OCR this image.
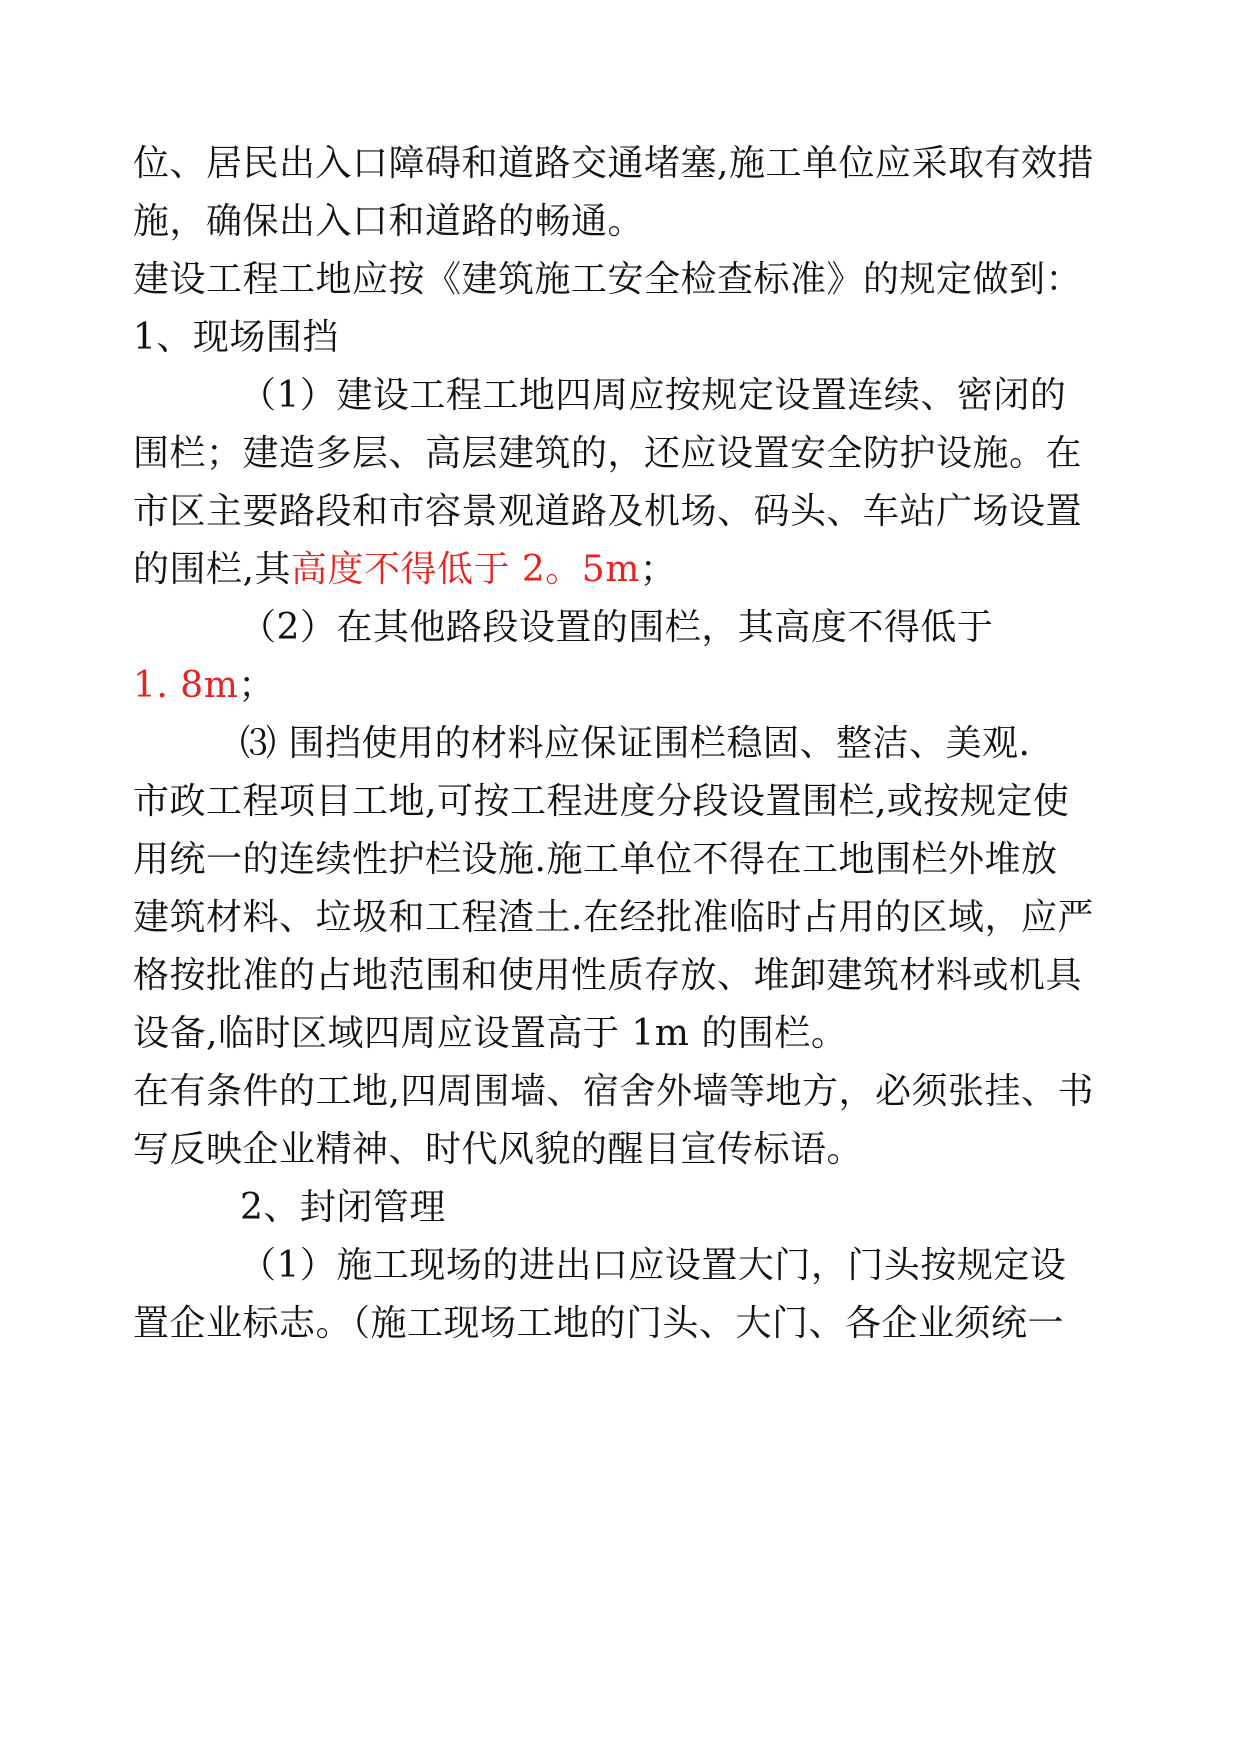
位、居民出入口障碍和道路交通堵塞,施工单位应采取有效措
施，确保出入口和道路的畅通。
建设工程工地应按《建筑施工安全检查标准》的规定做到：
1、现场围挡
（1）建设工程工地四周应按规定设置连续、密闭的
围栏；建造多层、高层建筑的，还应设置安全防护设施。在
市区主要路段和市容景观道路及机场、码头、车站广场设置
的围栏,其高度不得低于 2。5m；
（2）在其他路段设置的围栏，其高度不得低于
1. 8m；
⑶ 围挡使用的材料应保证围栏稳固、整洁、美观.
市政工程项目工地,可按工程进度分段设置围栏,或按规定使
用统一的连续性护栏设施.施工单位不得在工地围栏外堆放
建筑材料、垃圾和工程渣土.在经批准临时占用的区域，应严
格按批准的占地范围和使用性质存放、堆卸建筑材料或机具
设备,临时区域四周应设置高于 1m 的围栏。
在有条件的工地,四周围墙、宿舍外墙等地方，必须张挂、书
写反映企业精神、时代风貌的醒目宣传标语。
2、封闭管理
（1）施工现场的进出口应设置大门，门头按规定设
置企业标志。（施工现场工地的门头、大门、各企业须统一
